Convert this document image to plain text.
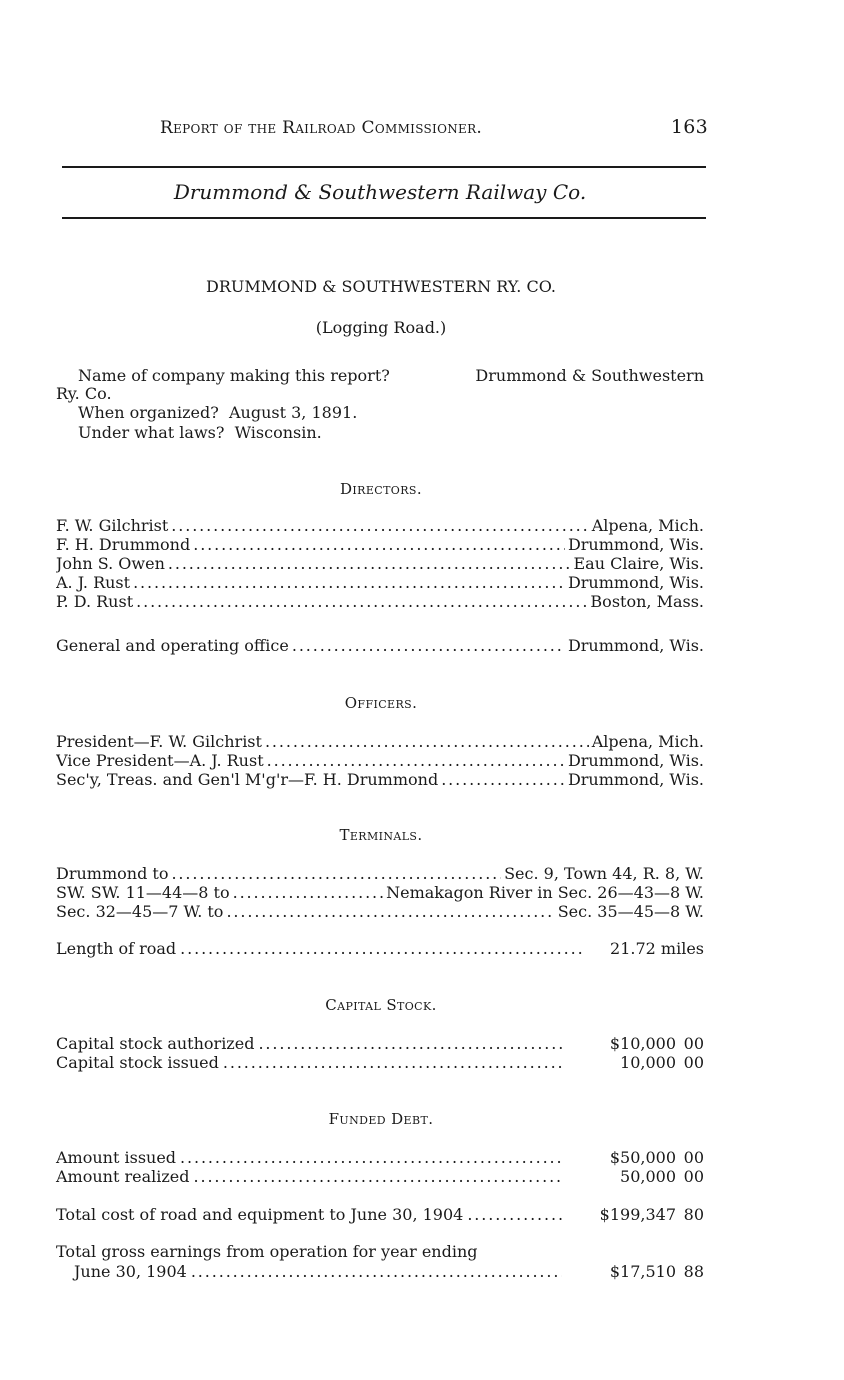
Report of the Railroad Commissioner.	163
Drummond & Southwestern Railway Co.
DRUMMOND & SOUTHWESTERN RY. CO.
(Logging Road.)
Name of company making this report?	Drummond & Southwestern
Ry. Co.
When organized? August 3, 1891.
Under what laws? Wisconsin.
Directors.
F. W. Gilchrist . . .	Alpena, Mich.
F. H. Drummond . . .	Drummond, Wis.
John S. Owen . . .	Eau Claire, Wis.
A. J. Rust . . .	Drummond, Wis.
P. D. Rust . . .	Boston, Mass.
General and operating office . . .	Drummond, Wis.
Officers.
President—F. W. Gilchrist . . .	Alpena, Mich.
Vice President—A. J. Rust . . .	Drummond, Wis.
Sec'y, Treas. and Gen'l M'g'r—F. H. Drummond . . .	Drummond, Wis.
Terminals.
Drummond to . . .	Sec. 9, Town 44, R. 8, W.
SW. SW. 11—44—8 to . . .	Nemakagon River in Sec. 26—43—8 W.
Sec. 32—45—7 W. to . . .	Sec. 35—45—8 W.
Length of road . . .	21.72 miles
Capital Stock.
Capital stock authorized . . .	$10,000 00
Capital stock issued . . .	10,000 00
Funded Debt.
Amount issued . . .	$50,000 00
Amount realized . . .	50,000 00
Total cost of road and equipment to June 30, 1904 . . .	$199,347 80
Total gross earnings from operation for year ending
June 30, 1904 . . .	$17,510 88
